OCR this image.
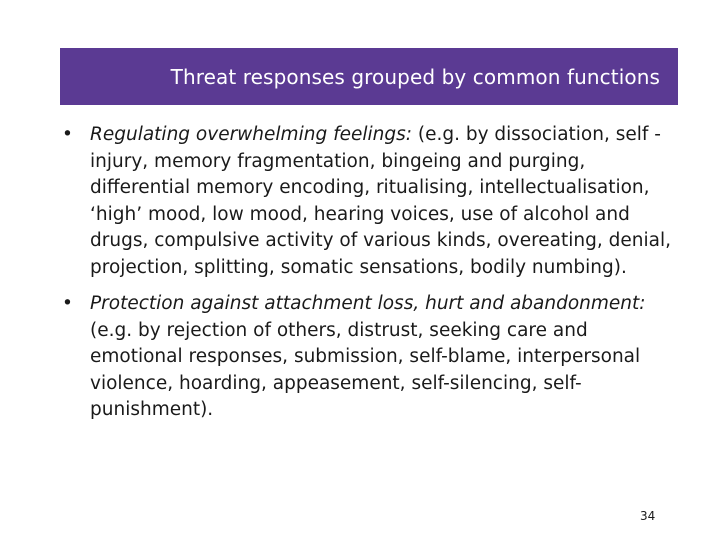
Threat responses grouped by common functions
• Regulating overwhelming feelings: (e.g. by dissociation, self -injury, memory fragmentation, bingeing and purging, differential memory encoding, ritualising, intellectualisation, ‘high’ mood, low mood, hearing voices, use of alcohol and drugs, compulsive activity of various kinds, overeating, denial, projection, splitting, somatic sensations, bodily numbing).
• Protection against attachment loss, hurt and abandonment: (e.g. by rejection of others, distrust, seeking care and emotional responses, submission, self-blame, interpersonal violence, hoarding, appeasement, self-silencing, self-punishment).
34
